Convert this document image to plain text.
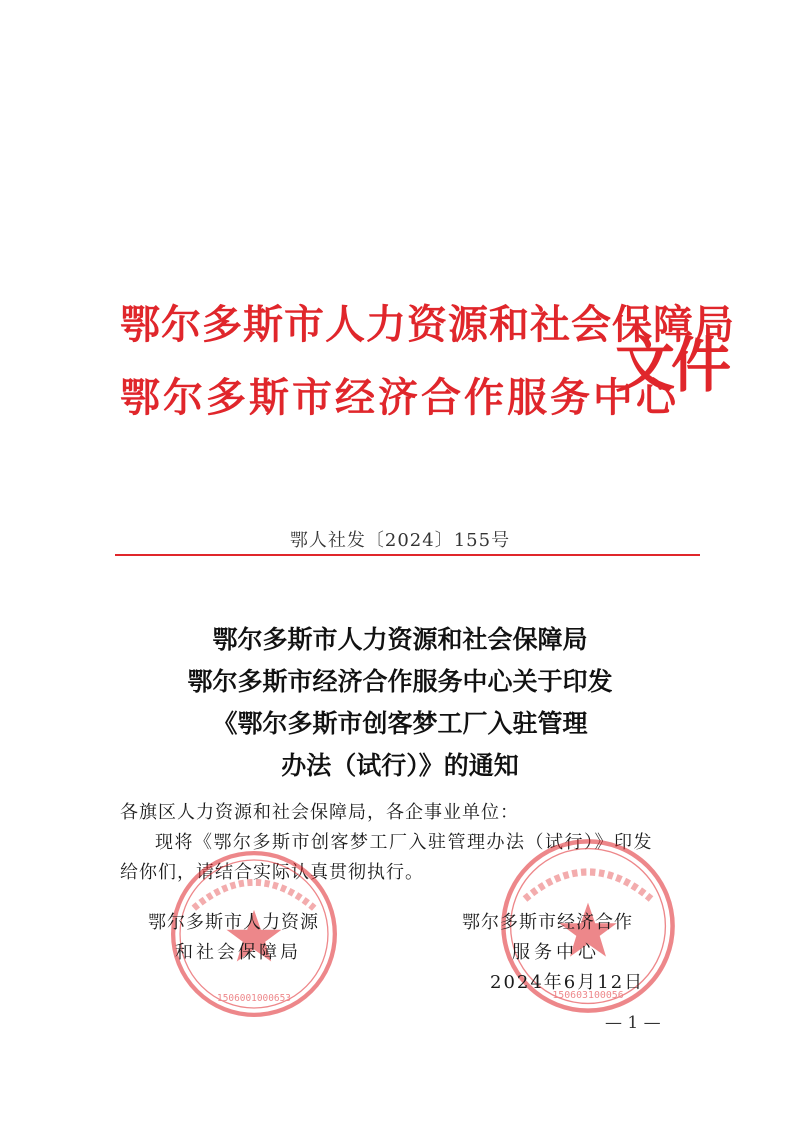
鄂尔多斯市人力资源和社会保障局
鄂尔多斯市经济合作服务中心
文件
鄂人社发〔2024〕155号
鄂尔多斯市人力资源和社会保障局
鄂尔多斯市经济合作服务中心关于印发
《鄂尔多斯市创客梦工厂入驻管理
办法（试行）》的通知
各旗区人力资源和社会保障局，各企事业单位：
现将《鄂尔多斯市创客梦工厂入驻管理办法（试行）》印发
给你们，请结合实际认真贯彻执行。
1506001000653	150603100056
鄂尔多斯市人力资源
和社会保障局
鄂尔多斯市经济合作
服务中心
2024年6月12日
— 1 —
